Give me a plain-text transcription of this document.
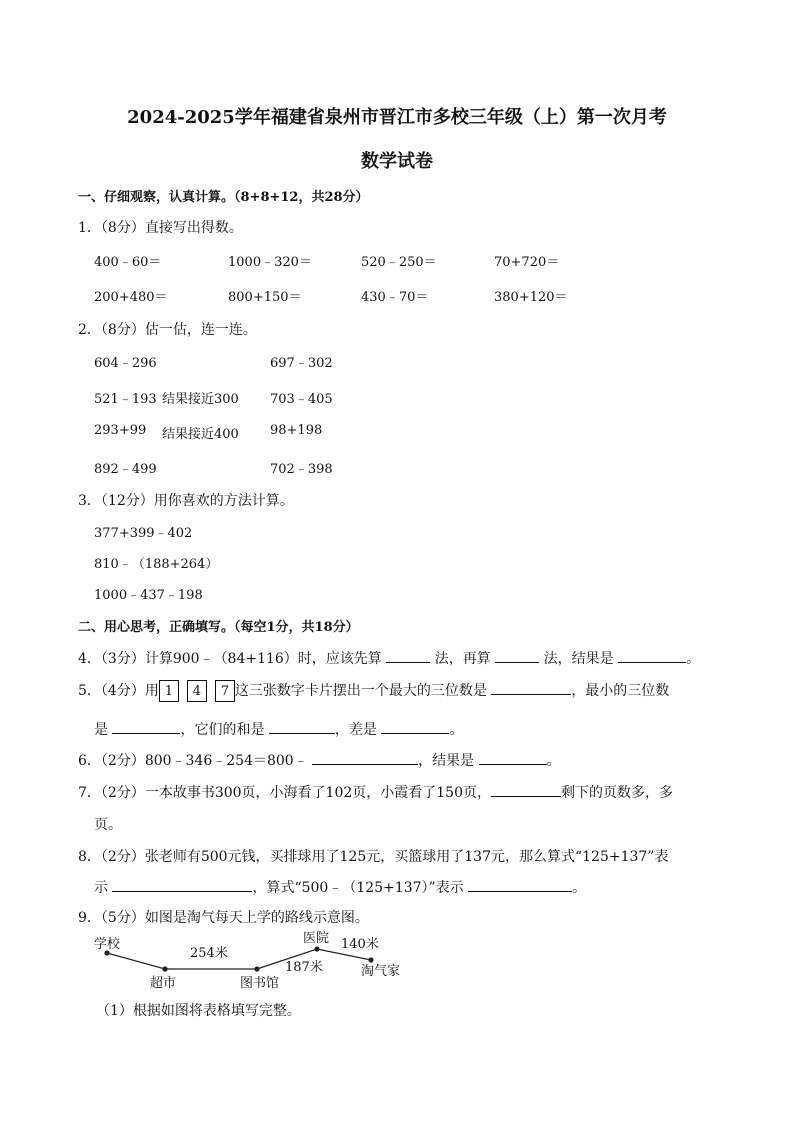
2024-2025学年福建省泉州市晋江市多校三年级（上）第一次月考
数学试卷
一、仔细观察，认真计算。（8+8+12，共28分）
1．（8分）直接写出得数。
400﹣60＝	1000﹣320＝	520﹣250＝	70+720＝
200+480＝	800+150＝	430﹣70＝	380+120＝
2．（8分）估一估，连一连。
604﹣296
521﹣193
293+99
892﹣499
结果接近300
结果接近400
697﹣302
703﹣405
98+198
702﹣398
3．（12分）用你喜欢的方法计算。
377+399﹣402
810﹣（188+264）
1000﹣437﹣198
二、用心思考，正确填写。（每空1分，共18分）
4．（3分）计算900﹣（84+116）时，应该先算	法，再算	法，结果是	。
5．（4分）用 1 4 7 这三张数字卡片摆出一个最大的三位数是	，最小的三位数
是	，它们的和是	，差是	。
6．（2分）800﹣346﹣254＝800﹣	，结果是	。
7．（2分）一本故事书300页，小海看了102页，小霞看了150页，	剩下的页数多，多
页。
8．（2分）张老师有500元钱，买排球用了125元，买篮球用了137元，那么算式“125+137”表
示	，算式“500﹣（125+137）”表示	。
9．（5分）如图是淘气每天上学的路线示意图。
学校
超市	图书馆
医院
淘气家
254米
187米
140米
（1）根据如图将表格填写完整。
